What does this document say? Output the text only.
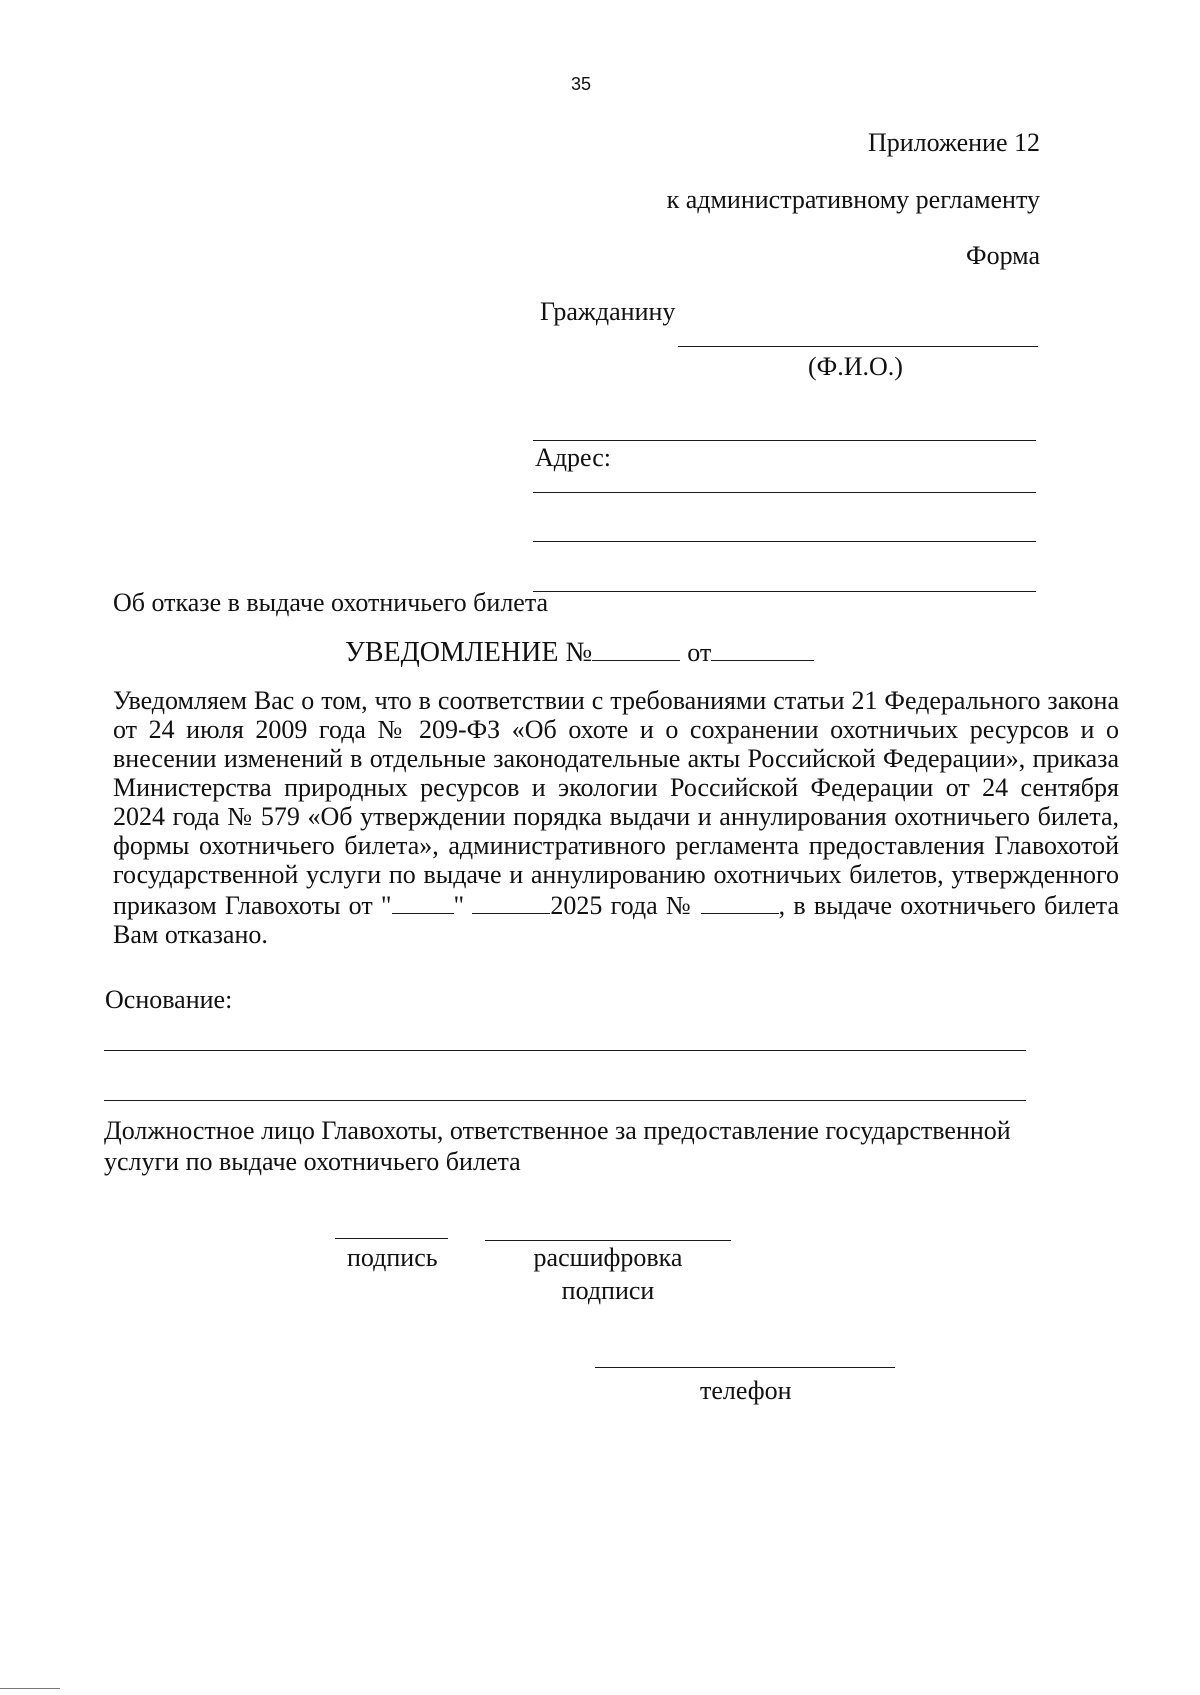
35
Приложение 12
к административному регламенту
Форма
Гражданину
(Ф.И.О.)
Адрес:
Об отказе в выдаче охотничьего билета
УВЕДОМЛЕНИЕ №	от
Уведомляем Вас о том, что в соответствии с требованиями статьи 21 Федерального закона от 24 июля 2009 года № 209-ФЗ «Об охоте и о сохранении охотничьих ресурсов и о внесении изменений в отдельные законодательные акты Российской Федерации», приказа Министерства природных ресурсов и экологии Российской Федерации от 24 сентября 2024 года № 579 «Об утверждении порядка выдачи и аннулирования охотничьего билета, формы охотничьего билета», административного регламента предоставления Главохотой государственной услуги по выдаче и аннулированию охотничьих билетов, утвержденного приказом Главохоты от " "	2025 года №	, в выдаче охотничьего билета Вам отказано.
Основание:
Должностное лицо Главохоты, ответственное за предоставление государственной услуги по выдаче охотничьего билета
подпись	расшифровка
подписи
телефон
